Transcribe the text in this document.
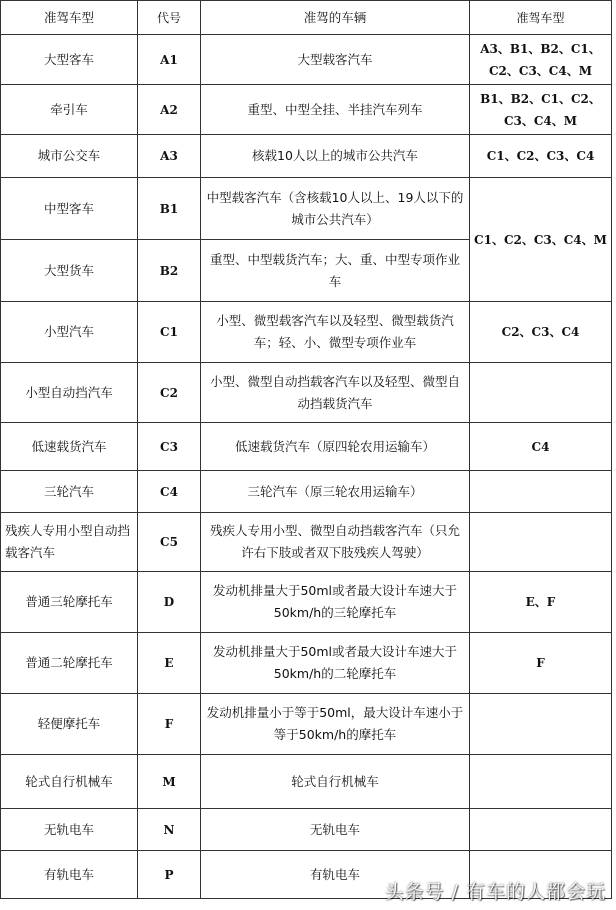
准驾车型	代号	准驾的车辆	准驾车型
大型客车	A1	大型载客汽车	A3、B1、B2、C1、C2、C3、C4、M
牵引车	A2	重型、中型全挂、半挂汽车列车	B1、B2、C1、C2、C3、C4、M
城市公交车	A3	核载10人以上的城市公共汽车	C1、C2、C3、C4
中型客车	B1	中型载客汽车（含核载10人以上、19人以下的城市公共汽车）	C1、C2、C3、C4、M
大型货车	B2	重型、中型载货汽车；大、重、中型专项作业车	
小型汽车	C1	小型、微型载客汽车以及轻型、微型载货汽车；轻、小、微型专项作业车	C2、C3、C4
小型自动挡汽车	C2	小型、微型自动挡载客汽车以及轻型、微型自动挡载货汽车	
低速载货汽车	C3	低速载货汽车（原四轮农用运输车）	C4
三轮汽车	C4	三轮汽车（原三轮农用运输车）	
残疾人专用小型自动挡载客汽车	C5	残疾人专用小型、微型自动挡载客汽车（只允许右下肢或者双下肢残疾人驾驶）	
普通三轮摩托车	D	发动机排量大于50ml或者最大设计车速大于50km/h的三轮摩托车	E、F
普通二轮摩托车	E	发动机排量大于50ml或者最大设计车速大于50km/h的二轮摩托车	F
轻便摩托车	F	发动机排量小于等于50ml，最大设计车速小于等于50km/h的摩托车	
轮式自行机械车	M	轮式自行机械车	
无轨电车	N	无轨电车	
有轨电车	P	有轨电车	
头条号 / 有车的人都会玩
